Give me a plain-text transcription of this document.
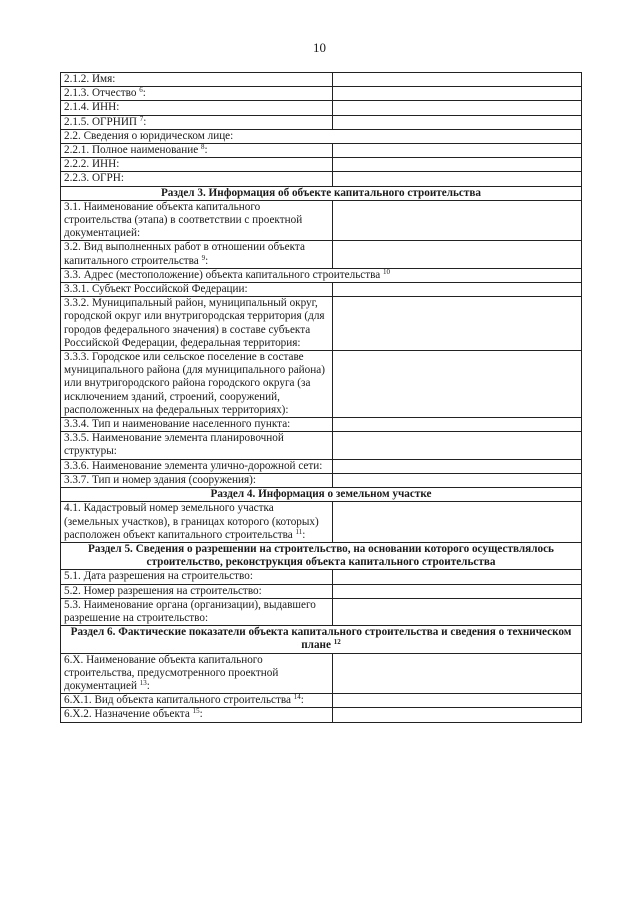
10
2.1.2. Имя:	
2.1.3. Отчество $^6$:	
2.1.4. ИНН:	
2.1.5. ОГРНИП $^7$:	
2.2. Сведения о юридическом лице:	
2.2.1. Полное наименование $^8$:	
2.2.2. ИНН:	
2.2.3. ОГРН:	
Раздел 3. Информация об объекте капитального строительства	
3.1. Наименование объекта капитального строительства (этапа) в соответствии с проектной документацией:	
3.2. Вид выполненных работ в отношении объекта капитального строительства $^9$:	
3.3. Адрес (местоположение) объекта капитального строительства $^{10}$
3.3.1. Субъект Российской Федерации:	
3.3.2. Муниципальный район, муниципальный округ, городской округ или внутригородская территория (для городов федерального значения) в составе субъекта Российской Федерации, федеральная территория:	
3.3.3. Городское или сельское поселение в составе муниципального района (для муниципального района) или внутригородского района городского округа (за исключением зданий, строений, сооружений, расположенных на федеральных территориях):	
3.3.4. Тип и наименование населенного пункта:	
3.3.5. Наименование элемента планировочной структуры:	
3.3.6. Наименование элемента улично-дорожной сети:	
3.3.7. Тип и номер здания (сооружения):	
Раздел 4. Информация о земельном участке	
4.1. Кадастровый номер земельного участка (земельных участков), в границах которого (которых) расположен объект капитального строительства $^{11}$:	
Раздел 5. Сведения о разрешении на строительство, на основании которого осуществлялось строительство, реконструкция объекта капитального строительства	
5.1. Дата разрешения на строительство:	
5.2. Номер разрешения на строительство:	
5.3. Наименование органа (организации), выдавшего разрешение на строительство:	
Раздел 6. Фактические показатели объекта капитального строительства и сведения о техническом плане $^{12}$
6.X. Наименование объекта капитального строительства, предусмотренного проектной документацией $^{13}$:	
6.X.1. Вид объекта капитального строительства $^{14}$:	
6.X.2. Назначение объекта $^{15}$:	
